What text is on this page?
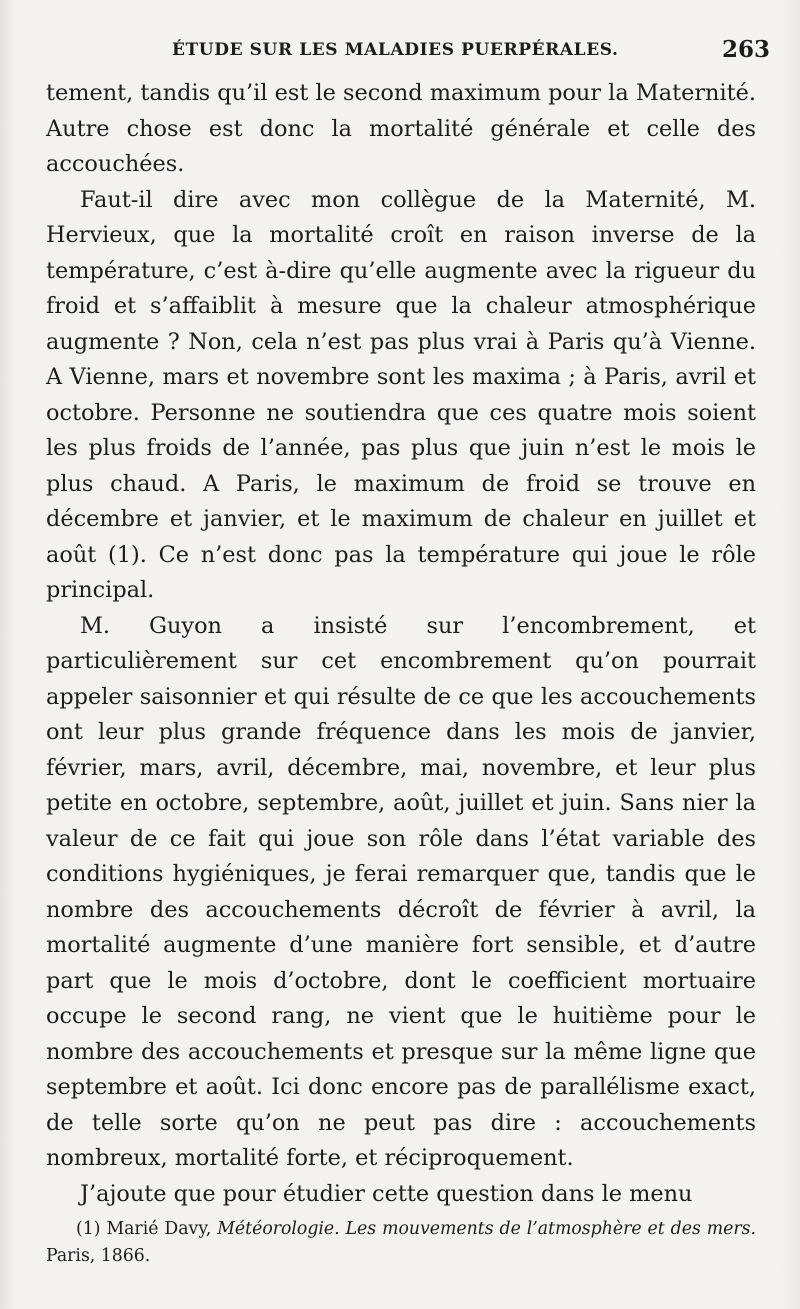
ÉTUDE SUR LES MALADIES PUERPÉRALES.	263

tement, tandis qu’il est le second maximum pour la Maternité. Autre chose est donc la mortalité générale et celle des accouchées.

Faut-il dire avec mon collègue de la Maternité, M. Hervieux, que la mortalité croît en raison inverse de la température, c’est à-dire qu’elle augmente avec la rigueur du froid et s’affaiblit à mesure que la chaleur atmosphérique augmente ? Non, cela n’est pas plus vrai à Paris qu’à Vienne. A Vienne, mars et novembre sont les maxima ; à Paris, avril et octobre. Personne ne soutiendra que ces quatre mois soient les plus froids de l’année, pas plus que juin n’est le mois le plus chaud. A Paris, le maximum de froid se trouve en décembre et janvier, et le maximum de chaleur en juillet et août (1). Ce n’est donc pas la température qui joue le rôle principal.

M. Guyon a insisté sur l’encombrement, et particulièrement sur cet encombrement qu’on pourrait appeler saisonnier et qui résulte de ce que les accouchements ont leur plus grande fréquence dans les mois de janvier, février, mars, avril, décembre, mai, novembre, et leur plus petite en octobre, septembre, août, juillet et juin. Sans nier la valeur de ce fait qui joue son rôle dans l’état variable des conditions hygiéniques, je ferai remarquer que, tandis que le nombre des accouchements décroît de février à avril, la mortalité augmente d’une manière fort sensible, et d’autre part que le mois d’octobre, dont le coefficient mortuaire occupe le second rang, ne vient que le huitième pour le nombre des accouchements et presque sur la même ligne que septembre et août. Ici donc encore pas de parallélisme exact, de telle sorte qu’on ne peut pas dire : accouchements nombreux, mortalité forte, et réciproquement.

J’ajoute que pour étudier cette question dans le menu

(1) Marié Davy, Météorologie. Les mouvements de l’atmosphère et des mers. Paris, 1866.
